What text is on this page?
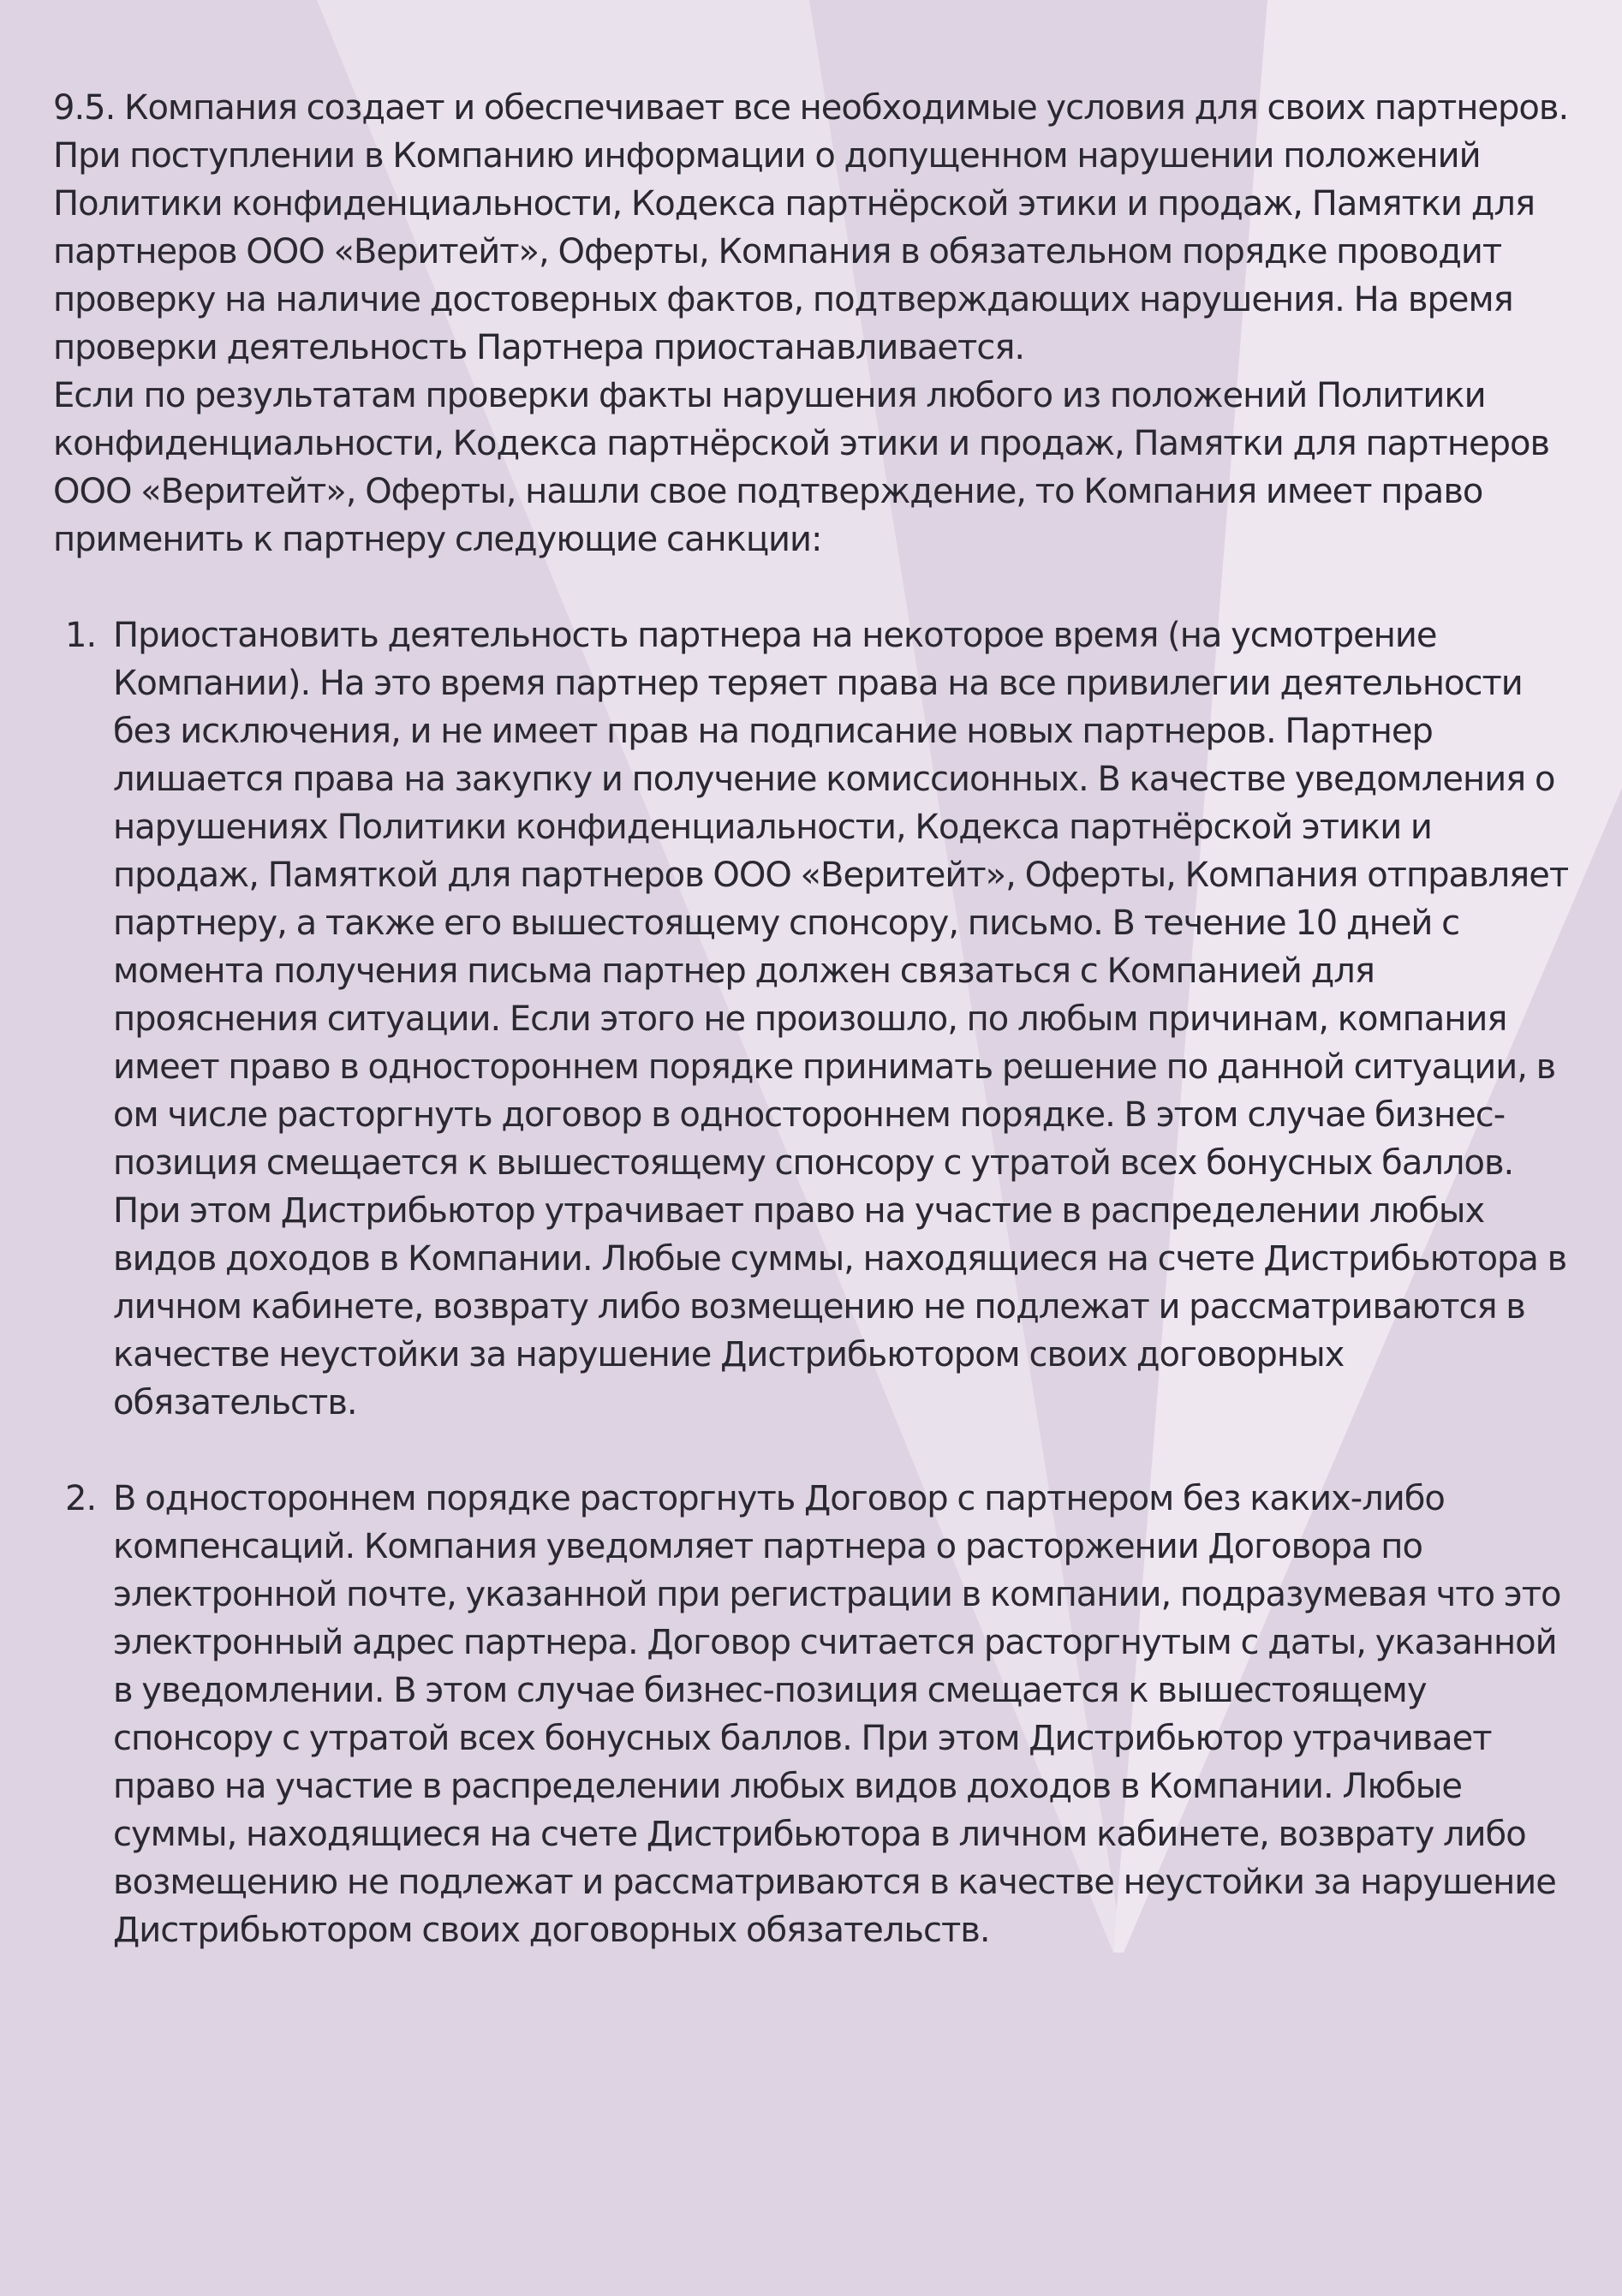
9.5. Компания создает и обеспечивает все необходимые условия для своих партнеров. При поступлении в Компанию информации о допущенном нарушении положений Политики конфиденциальности, Кодекса партнёрской этики и продаж, Памятки для партнеров ООО «Веритейт», Оферты, Компания в обязательном порядке проводит проверку на наличие достоверных фактов, подтверждающих нарушения. На время проверки деятельность Партнера приостанавливается.

Если по результатам проверки факты нарушения любого из положений Политики конфиденциальности, Кодекса партнёрской этики и продаж, Памятки для партнеров ООО «Веритейт», Оферты, нашли свое подтверждение, то Компания имеет право применить к партнеру следующие санкции:

1. Приостановить деятельность партнера на некоторое время (на усмотрение Компании). На это время партнер теряет права на все привилегии деятельности без исключения, и не имеет прав на подписание новых партнеров. Партнер лишается права на закупку и получение комиссионных. В качестве уведомления о нарушениях Политики конфиденциальности, Кодекса партнёрской этики и продаж, Памяткой для партнеров ООО «Веритейт», Оферты, Компания отправляет партнеру, а также его вышестоящему спонсору, письмо. В течение 10 дней с момента получения письма партнер должен связаться с Компанией для прояснения ситуации. Если этого не произошло, по любым причинам, компания имеет право в одностороннем порядке принимать решение по данной ситуации, в ом числе расторгнуть договор в одностороннем порядке. В этом случае бизнес-позиция смещается к вышестоящему спонсору с утратой всех бонусных баллов. При этом Дистрибьютор утрачивает право на участие в распределении любых видов доходов в Компании. Любые суммы, находящиеся на счете Дистрибьютора в личном кабинете, возврату либо возмещению не подлежат и рассматриваются в качестве неустойки за нарушение Дистрибьютором своих договорных обязательств.
2. В одностороннем порядке расторгнуть Договор с партнером без каких-либо компенсаций. Компания уведомляет партнера о расторжении Договора по электронной почте, указанной при регистрации в компании, подразумевая что это электронный адрес партнера. Договор считается расторгнутым с даты, указанной в уведомлении. В этом случае бизнес-позиция смещается к вышестоящему спонсору с утратой всех бонусных баллов. При этом Дистрибьютор утрачивает право на участие в распределении любых видов доходов в Компании. Любые суммы, находящиеся на счете Дистрибьютора в личном кабинете, возврату либо возмещению не подлежат и рассматриваются в качестве неустойки за нарушение Дистрибьютором своих договорных обязательств.
